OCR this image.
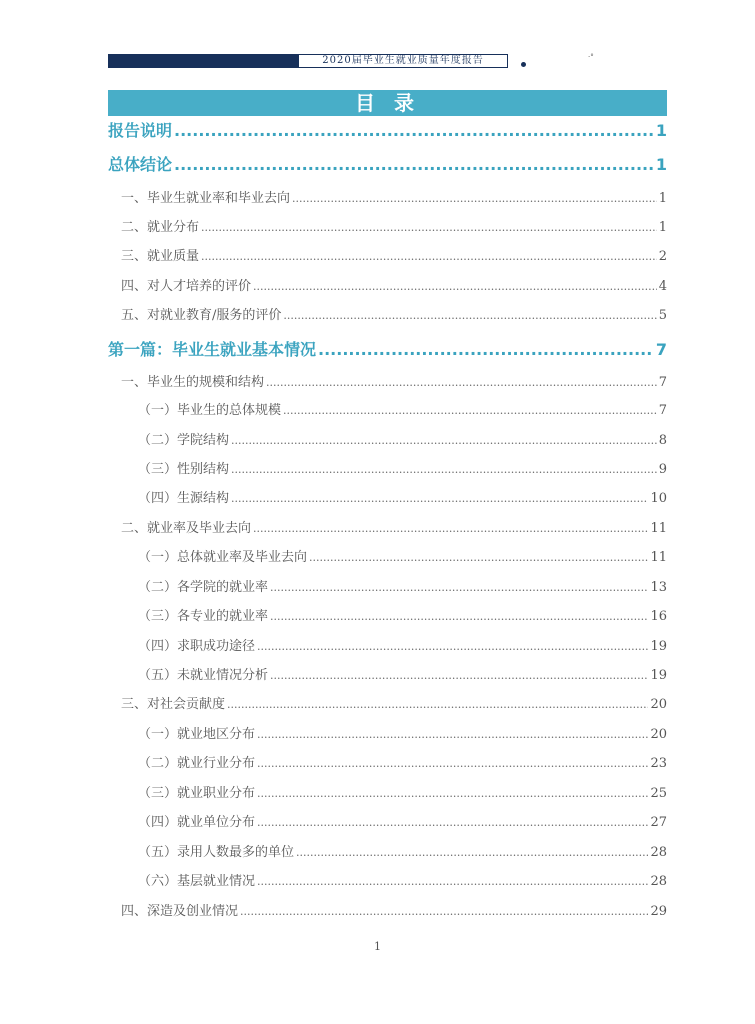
2020届毕业生就业质量年度报告	·°
目 录
报告说明 .....	1
总体结论 .....	1
一、毕业生就业率和毕业去向 .....	1
二、就业分布 .....	1
三、就业质量 .....	2
四、对人才培养的评价 .....	4
五、对就业教育/服务的评价 .....	5
第一篇：毕业生就业基本情况 .....	7
一、毕业生的规模和结构 .....	7
（一）毕业生的总体规模 .....	7
（二）学院结构 .....	8
（三）性别结构 .....	9
（四）生源结构 .....	10
二、就业率及毕业去向 .....	11
（一）总体就业率及毕业去向 .....	11
（二）各学院的就业率 .....	13
（三）各专业的就业率 .....	16
（四）求职成功途径 .....	19
（五）未就业情况分析 .....	19
三、对社会贡献度 .....	20
（一）就业地区分布 .....	20
（二）就业行业分布 .....	23
（三）就业职业分布 .....	25
（四）就业单位分布 .....	27
（五）录用人数最多的单位 .....	28
（六）基层就业情况 .....	28
四、深造及创业情况 .....	29
1
